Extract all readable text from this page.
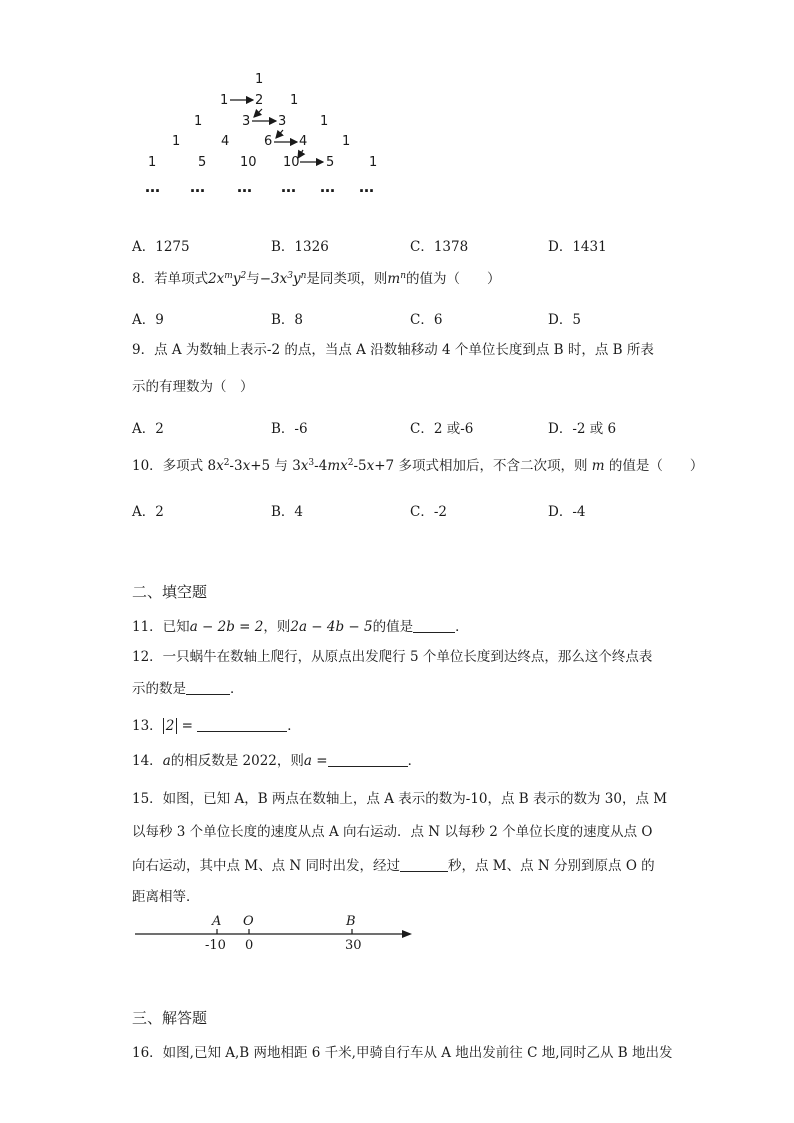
1
1 2 1
1	3 3	1
1	4	6 4	1
1	5	10 10 5	1
… … … … … …
A．1275	B．1326	C．1378	D．1431
8．若单项式$2x^my^2$与$-3x^3y^n$是同类项，则$m^n$的值为（　　）
A．9	B．8	C．6	D．5
9．点 A 为数轴上表示-2 的点，当点 A 沿数轴移动 4 个单位长度到点 B 时，点 B 所表
示的有理数为（　）
A．2	B．-6	C．2 或-6	D．-2 或 6
10．多项式 $8x^2-3x+5$ 与 $3x^3-4mx^2-5x+7$ 多项式相加后，不含二次项，则 m 的值是（　　）
A．2	B．4	C．-2	D．-4
二、填空题
11．已知a − 2b = 2，则2a − 4b − 5的值是	．
12．一只蜗牛在数轴上爬行，从原点出发爬行 5 个单位长度到达终点，那么这个终点表
示的数是	．
13． 2 =	．
14．a的相反数是 2022，则a =	．
15．如图，已知 A，B 两点在数轴上，点 A 表示的数为-10，点 B 表示的数为 30，点 M
以每秒 3 个单位长度的速度从点 A 向右运动．点 N 以每秒 2 个单位长度的速度从点 O
向右运动，其中点 M、点 N 同时出发，经过	秒，点 M、点 N 分别到原点 O 的
距离相等．
A O	B
-10 0	30
三、解答题
16．如图,已知 A,B 两地相距 6 千米,甲骑自行车从 A 地出发前往 C 地,同时乙从 B 地出发
